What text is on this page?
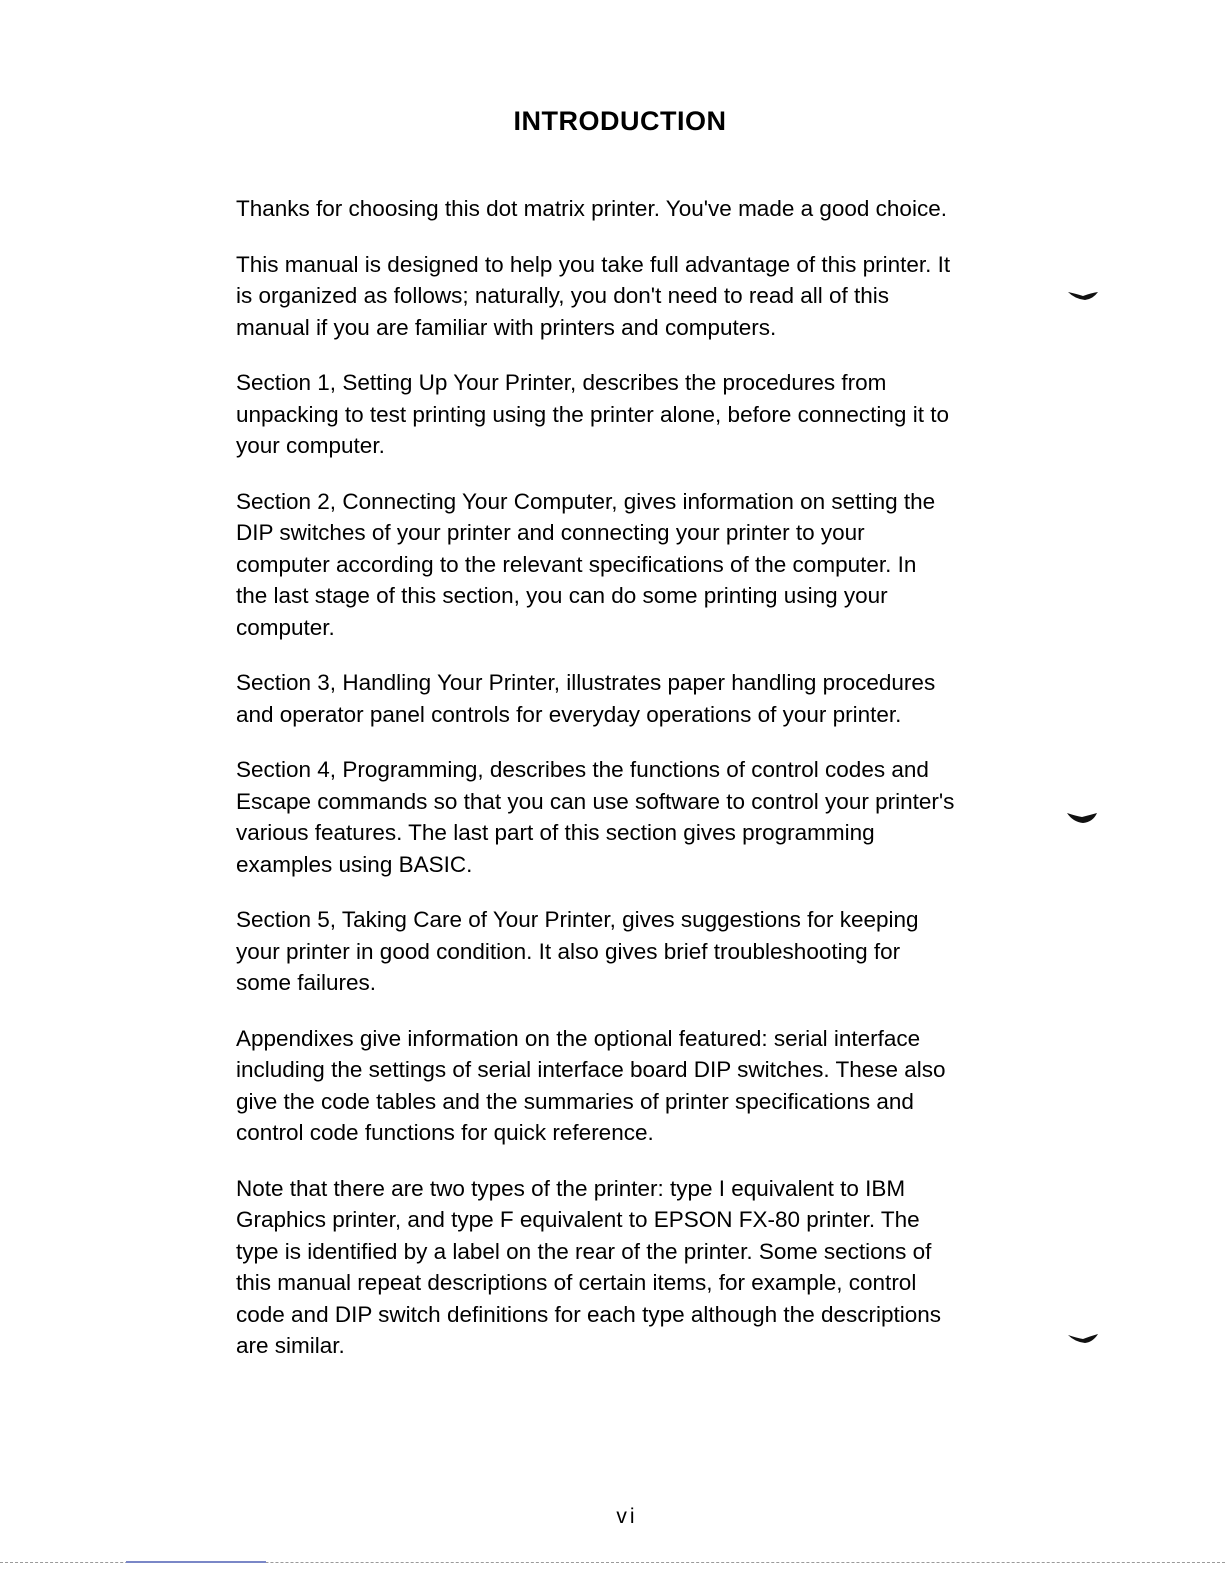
INTRODUCTION

Thanks for choosing this dot matrix printer. You've made a good choice.

This manual is designed to help you take full advantage of this printer. It
is organized as follows; naturally, you don't need to read all of this
manual if you are familiar with printers and computers.

Section 1, Setting Up Your Printer, describes the procedures from
unpacking to test printing using the printer alone, before connecting it to
your computer.

Section 2, Connecting Your Computer, gives information on setting the
DIP switches of your printer and connecting your printer to your
computer according to the relevant specifications of the computer. In
the last stage of this section, you can do some printing using your
computer.

Section 3, Handling Your Printer, illustrates paper handling procedures
and operator panel controls for everyday operations of your printer.

Section 4, Programming, describes the functions of control codes and
Escape commands so that you can use software to control your printer's
various features. The last part of this section gives programming
examples using BASIC.

Section 5, Taking Care of Your Printer, gives suggestions for keeping
your printer in good condition. It also gives brief troubleshooting for
some failures.

Appendixes give information on the optional featured: serial interface
including the settings of serial interface board DIP switches. These also
give the code tables and the summaries of printer specifications and
control code functions for quick reference.

Note that there are two types of the printer: type I equivalent to IBM
Graphics printer, and type F equivalent to EPSON FX-80 printer. The
type is identified by a label on the rear of the printer. Some sections of
this manual repeat descriptions of certain items, for example, control
code and DIP switch definitions for each type although the descriptions
are similar.

vi
